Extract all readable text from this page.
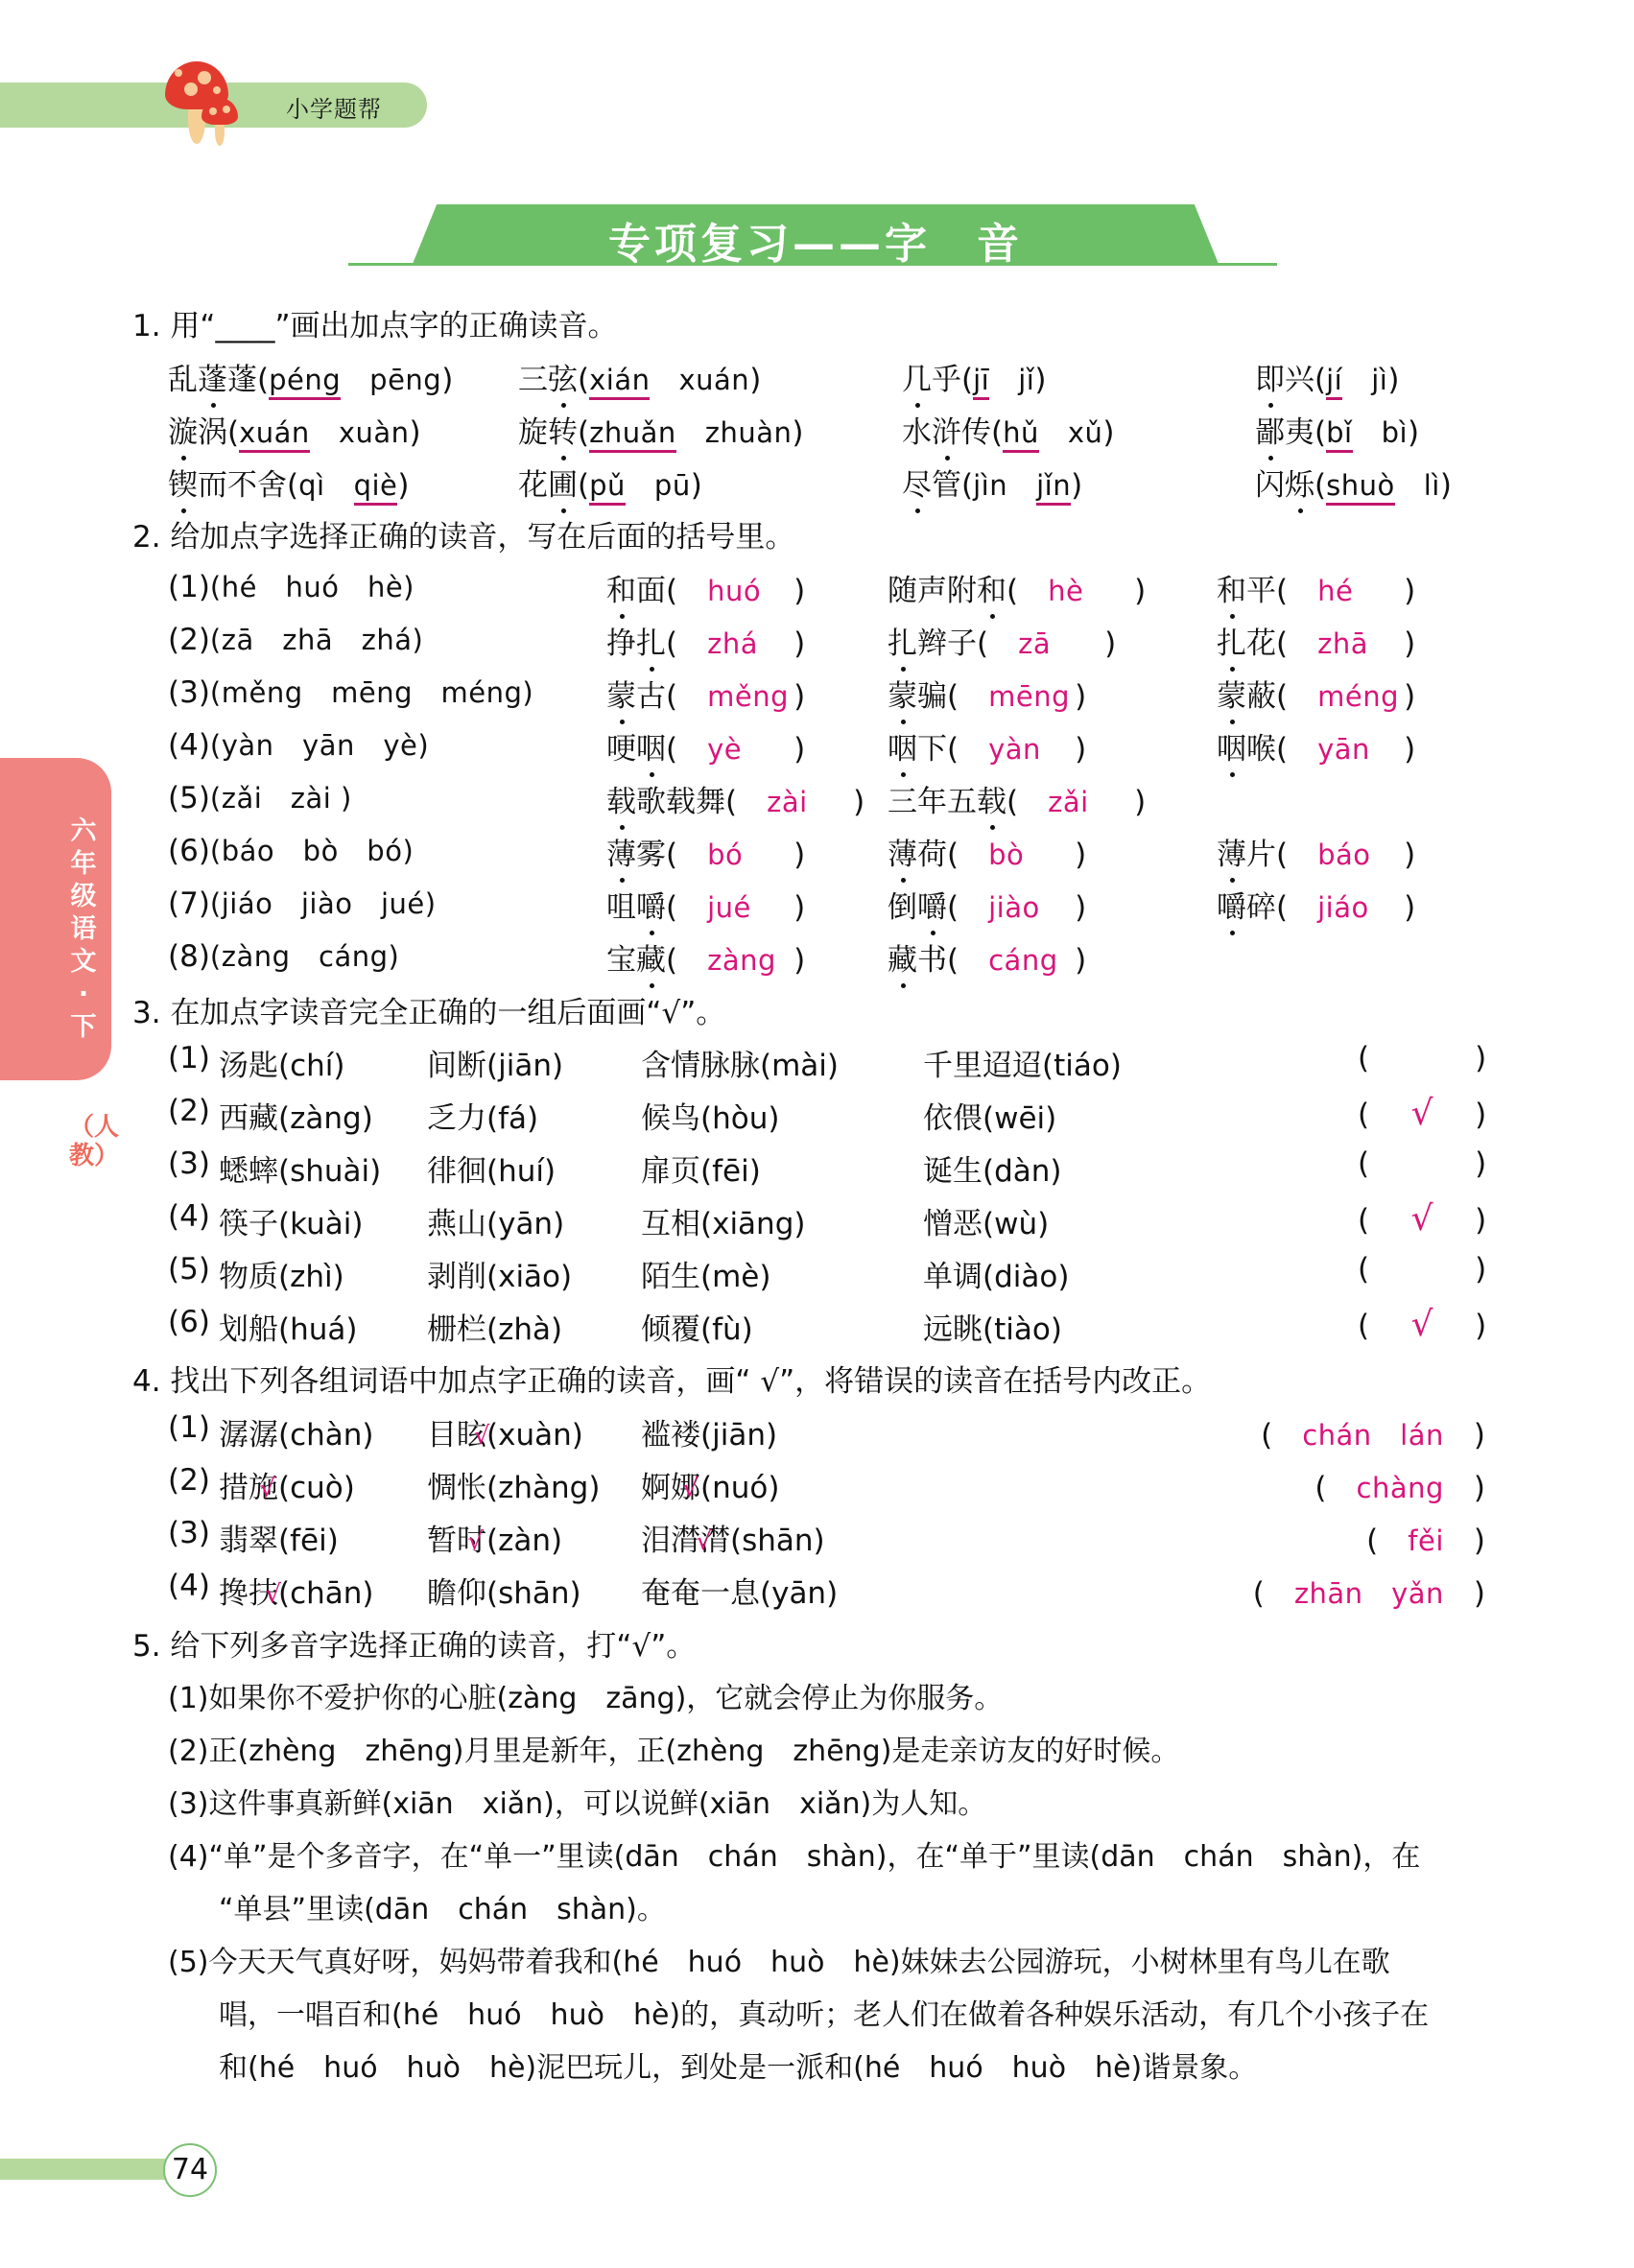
小学题帮
专项复习——字　音
六年级语文·下
（人教）
1. 用“____”画出加点字的正确读音。
乱蓬蓬(péng pēng) 三弦(xián xuán)	几乎(jī jǐ)	即兴(jí jì)
漩涡(xuán xuàn)	旋转(zhuǎn zhuàn)	水浒传(hǔ xǔ)	鄙夷(bǐ bì)
锲而不舍(qì qiè)	花圃(pǔ pū)	尽管(jìn jǐn)	闪烁(shuò lì)
2. 给加点字选择正确的读音，写在后面的括号里。
(1)(hé　huó　hè)	和面(　huó )	随声附和(　hè ) 和平(　hé )
(2)(zā　zhā　zhá)	挣扎(　zhá )	扎辫子(　zā )	扎花(　zhā )
(3)(měng　mēng　méng) 蒙古(　měng )	蒙骗(　mēng )	蒙蔽(　méng )
(4)(yàn　yān　yè)	哽咽(　yè )	咽下(　yàn )	咽喉(　yān )
(5)(zǎi　zài )	载歌载舞(　zài ) 三年五载(　zǎi )
(6)(báo　bò　bó)	薄雾(　bó )	薄荷(　bò )	薄片(　báo )
(7)(jiáo　jiào　jué)	咀嚼(　jué )	倒嚼(　jiào )	嚼碎(　jiáo )
(8)(zàng　cáng)	宝藏(　zàng )	藏书(　cáng )
3. 在加点字读音完全正确的一组后面画“√”。
(1) 汤匙(chí)	间断(jiān)	含情脉脉(mài)	千里迢迢(tiáo)	(	)
(2) 西藏(zàng) 乏力(fá)	候鸟(hòu)	依偎(wēi)	( √ )
(3) 蟋蟀(shuài) 徘徊(huí)	扉页(fēi)	诞生(dàn)	(	)
(4) 筷子(kuài) 燕山(yān)	互相(xiāng)	憎恶(wù)	( √ )
(5) 物质(zhì)	剥削(xiāo) 陌生(mè)	单调(diào)	(	)
(6) 划船(huá) 栅栏(zhà)	倾覆(fù)	远眺(tiào)	( √ )
4. 找出下列各组词语中加点字正确的读音，画“ √”，将错误的读音在括号内改正。
(1) 潺潺(chàn) 目眩(xuàn) √ 褴褛(jiān)	(　chán　lán　)
(2) 措施(cuò) √ 惆怅(zhàng) 婀娜(nuó) √	(　chàng　)
(3) 翡翠(fēi)	暂时(zàn) √	泪潸潸(shān) √	(　fěi　)
(4) 搀扶(chān) √ 瞻仰(shān) 奄奄一息(yān)	(　zhān　yǎn　)
5. 给下列多音字选择正确的读音，打“√”。
(1)如果你不爱护你的心脏(zàng　zāng)，它就会停止为你服务。
(2)正(zhèng　zhēng)月里是新年，正(zhèng　zhēng)是走亲访友的好时候。
(3)这件事真新鲜(xiān　xiǎn)，可以说鲜(xiān　xiǎn)为人知。
(4)“单”是个多音字，在“单一”里读(dān　chán　shàn)，在“单于”里读(dān　chán　shàn)，在
“单县”里读(dān　chán　shàn)。
(5)今天天气真好呀，妈妈带着我和(hé　huó　huò　hè)妹妹去公园游玩，小树林里有鸟儿在歌
唱，一唱百和(hé　huó　huò　hè)的，真动听；老人们在做着各种娱乐活动，有几个小孩子在
和(hé　huó　huò　hè)泥巴玩儿，到处是一派和(hé　huó　huò　hè)谐景象。
74
